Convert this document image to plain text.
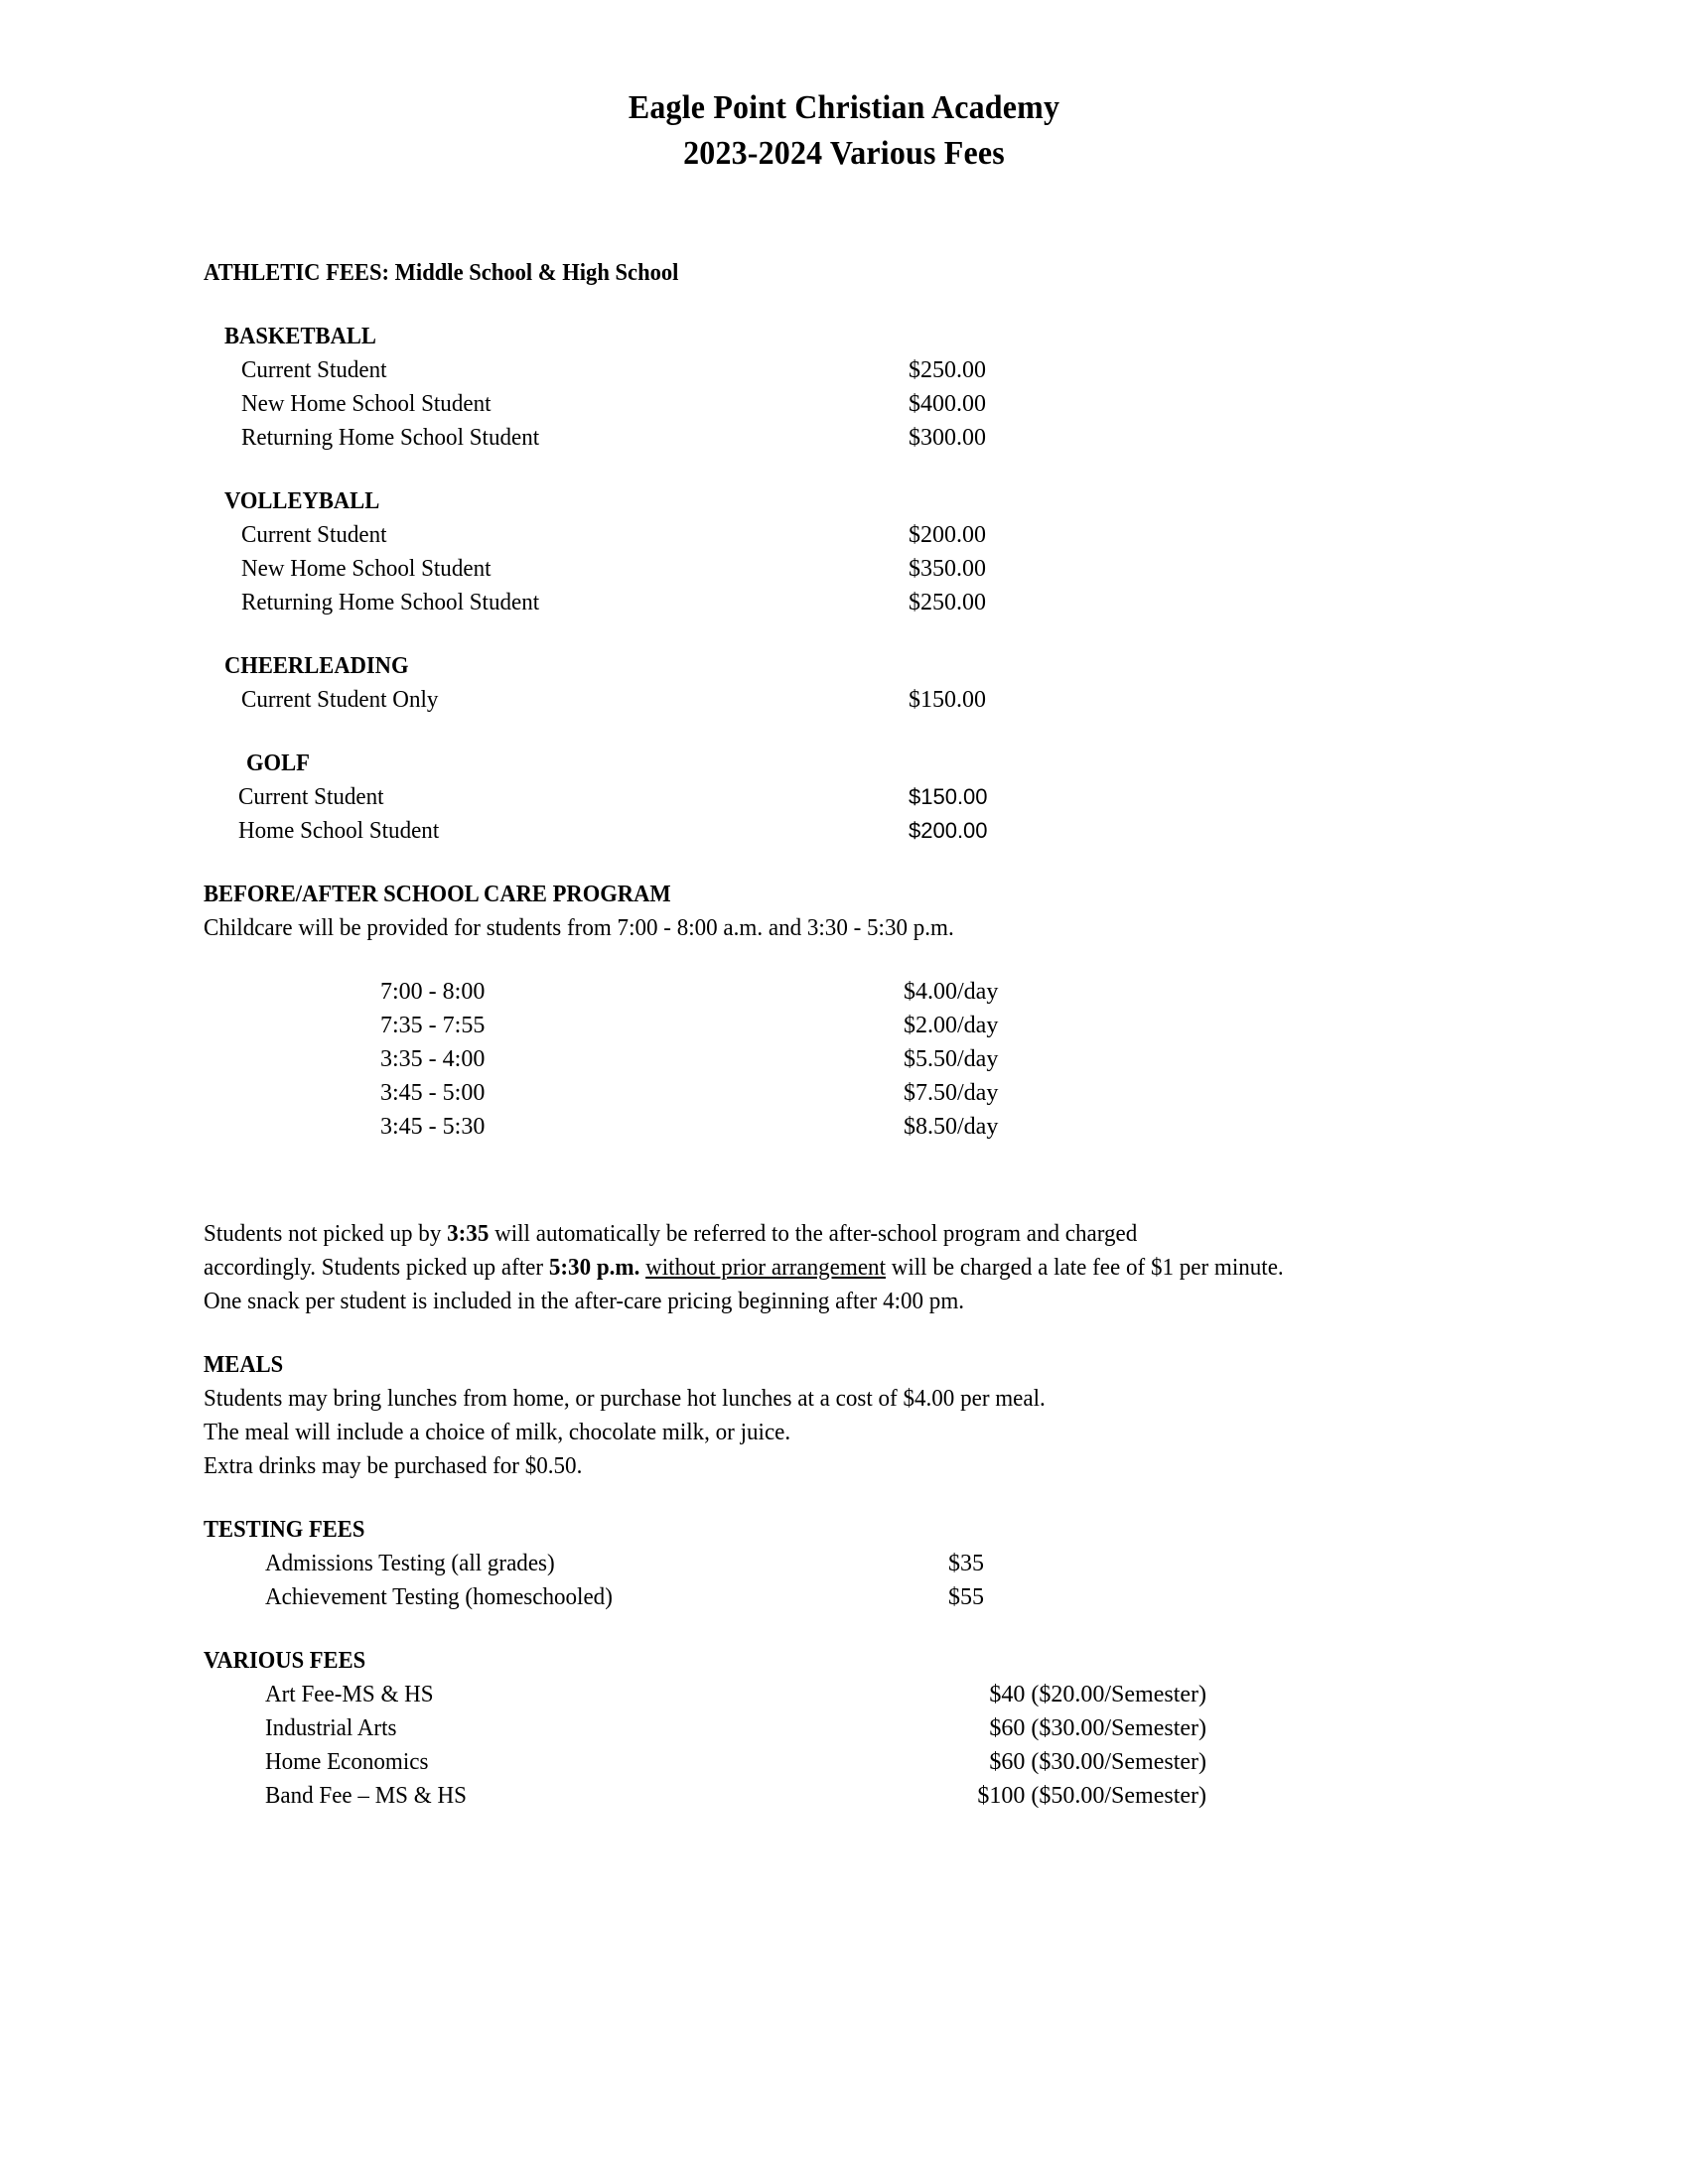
Eagle Point Christian Academy
2023-2024 Various Fees
ATHLETIC FEES: Middle School & High School
BASKETBALL
Current Student	$250.00
New Home School Student	$400.00
Returning Home School Student	$300.00
VOLLEYBALL
Current Student	$200.00
New Home School Student	$350.00
Returning Home School Student	$250.00
CHEERLEADING
Current Student Only	$150.00
GOLF
Current Student	$150.00
Home School Student	$200.00
BEFORE/AFTER SCHOOL CARE PROGRAM
Childcare will be provided for students from 7:00 - 8:00 a.m. and 3:30 - 5:30 p.m.
7:00 - 8:00	$4.00/day
7:35 - 7:55	$2.00/day
3:35 - 4:00	$5.50/day
3:45 - 5:00	$7.50/day
3:45 - 5:30	$8.50/day
Students not picked up by 3:35 will automatically be referred to the after-school program and charged
accordingly. Students picked up after 5:30 p.m. without prior arrangement will be charged a late fee of $1 per minute.
One snack per student is included in the after-care pricing beginning after 4:00 pm.
MEALS
Students may bring lunches from home, or purchase hot lunches at a cost of $4.00 per meal.
The meal will include a choice of milk, chocolate milk, or juice.
Extra drinks may be purchased for $0.50.
TESTING FEES
Admissions Testing (all grades)	$35
Achievement Testing (homeschooled)	$55
VARIOUS FEES
Art Fee-MS & HS	$40 ($20.00/Semester)
Industrial Arts	$60 ($30.00/Semester)
Home Economics	$60 ($30.00/Semester)
Band Fee – MS & HS	$100 ($50.00/Semester)
